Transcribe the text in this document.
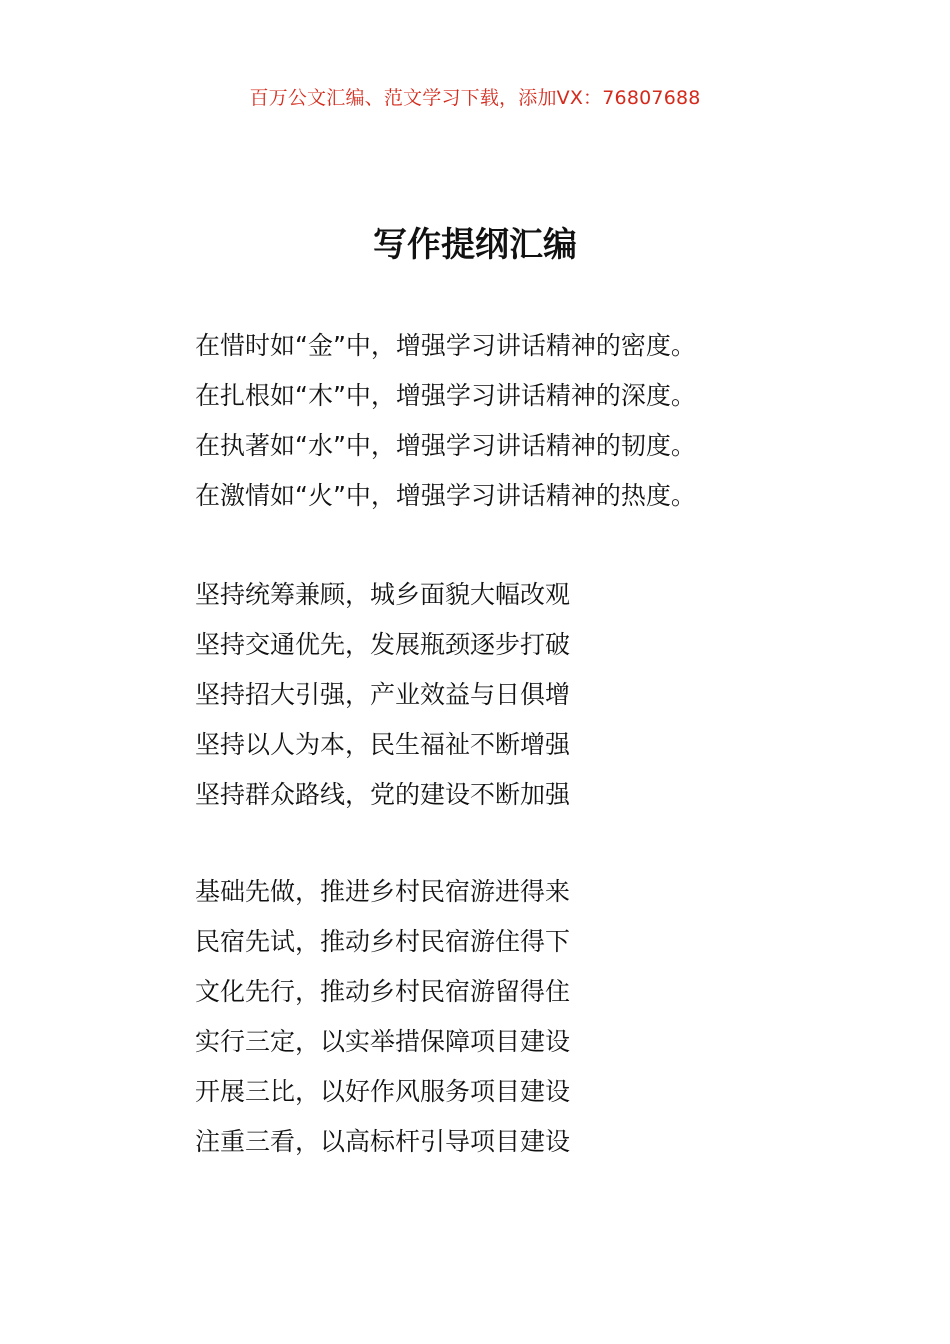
百万公文汇编、范文学习下载，添加VX：76807688
写作提纲汇编
在惜时如“金”中，增强学习讲话精神的密度。
在扎根如“木”中，增强学习讲话精神的深度。
在执著如“水”中，增强学习讲话精神的韧度。
在激情如“火”中，增强学习讲话精神的热度。
坚持统筹兼顾，城乡面貌大幅改观
坚持交通优先，发展瓶颈逐步打破
坚持招大引强，产业效益与日俱增
坚持以人为本，民生福祉不断增强
坚持群众路线，党的建设不断加强
基础先做，推进乡村民宿游进得来
民宿先试，推动乡村民宿游住得下
文化先行，推动乡村民宿游留得住
实行三定，以实举措保障项目建设
开展三比，以好作风服务项目建设
注重三看，以高标杆引导项目建设
